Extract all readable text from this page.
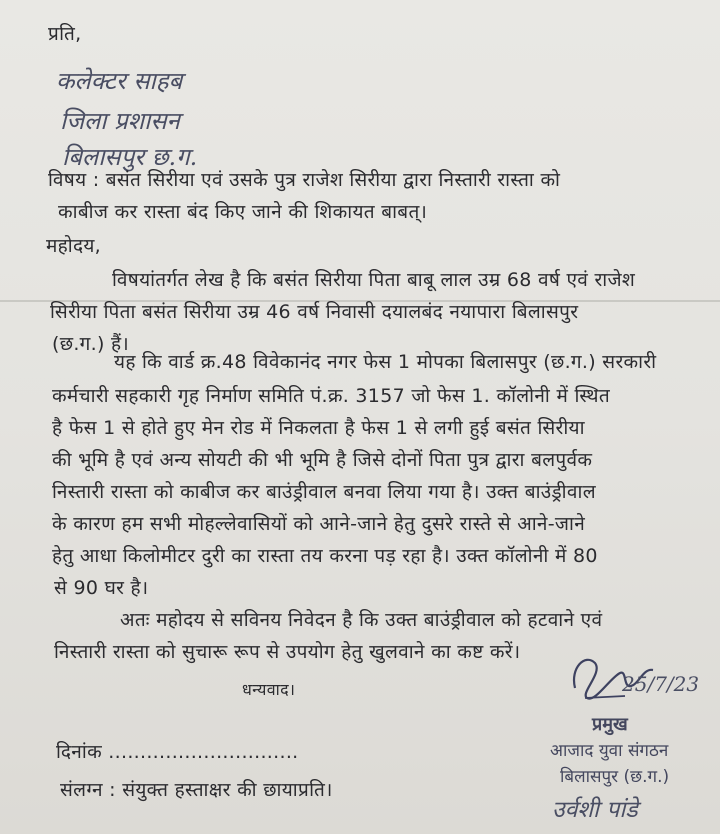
प्रति,
कलेक्टर साहब
जिला प्रशासन
बिलासपुर छ.ग.
विषय : बसंत सिरीया एवं उसके पुत्र राजेश सिरीया द्वारा निस्तारी रास्ता को
काबीज कर रास्ता बंद किए जाने की शिकायत बाबत्।
महोदय,
विषयांतर्गत लेख है कि बसंत सिरीया पिता बाबू लाल उम्र 68 वर्ष एवं राजेश
सिरीया पिता बसंत सिरीया उम्र 46 वर्ष निवासी दयालबंद नयापारा बिलासपुर
(छ.ग.) हैं।
यह कि वार्ड क्र.48 विवेकानंद नगर फेस 1 मोपका बिलासपुर (छ.ग.) सरकारी
कर्मचारी सहकारी गृह निर्माण समिति पं.क्र. 3157 जो फेस 1. कॉलोनी में स्थित
है फेस 1 से होते हुए मेन रोड में निकलता है फेस 1 से लगी हुई बसंत सिरीया
की भूमि है एवं अन्य सोयटी की भी भूमि है जिसे दोनों पिता पुत्र द्वारा बलपुर्वक
निस्तारी रास्ता को काबीज कर बाउंड्रीवाल बनवा लिया गया है। उक्त बाउंड्रीवाल
के कारण हम सभी मोहल्लेवासियों को आने-जाने हेतु दुसरे रास्ते से आने-जाने
हेतु आधा किलोमीटर दुरी का रास्ता तय करना पड़ रहा है। उक्त कॉलोनी में 80
से 90 घर है।
अतः महोदय से सविनय निवेदन है कि उक्त बाउंड्रीवाल को हटवाने एवं
निस्तारी रास्ता को सुचारू रूप से उपयोग हेतु खुलवाने का कष्ट करें।
धन्यवाद।
दिनांक ..............................
संलग्न : संयुक्त हस्ताक्षर की छायाप्रति।
25/7/23
प्रमुख
आजाद युवा संगठन
बिलासपुर (छ.ग.)
उर्वशी पांडे
